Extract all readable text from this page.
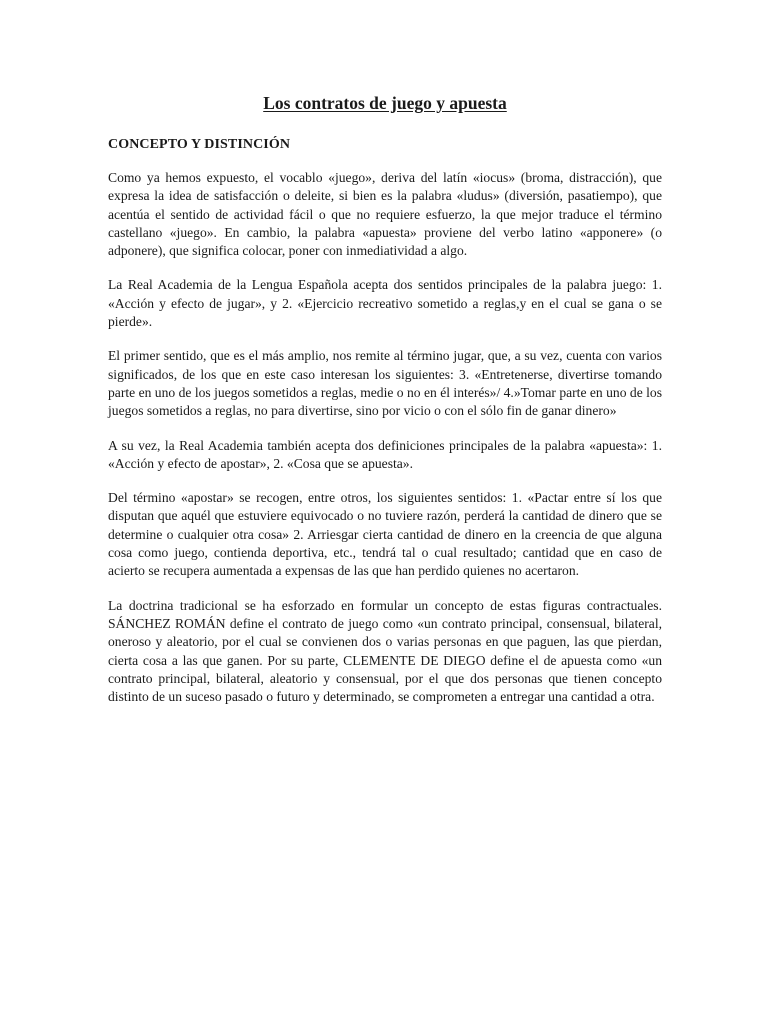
Los contratos de juego y apuesta
CONCEPTO Y DISTINCIÓN

Como ya hemos expuesto, el vocablo «juego», deriva del latín «iocus» (broma, distracción), que expresa la idea de satisfacción o deleite, si bien es la palabra «ludus» (diversión, pasatiempo), que acentúa el sentido de actividad fácil o que no requiere esfuerzo, la que mejor traduce el término castellano «juego». En cambio, la palabra «apuesta» proviene del verbo latino «apponere» (o adponere), que significa colocar, poner con inmediatividad a algo.

La Real Academia de la Lengua Española acepta dos sentidos principales de la palabra juego: 1. «Acción y efecto de jugar», y 2. «Ejercicio recreativo sometido a reglas,y en el cual se gana o se pierde».

El primer sentido, que es el más amplio, nos remite al término jugar, que, a su vez, cuenta con varios significados, de los que en este caso interesan los siguientes: 3. «Entretenerse, divertirse tomando parte en uno de los juegos sometidos a reglas, medie o no en él interés»/ 4.»Tomar parte en uno de los juegos sometidos a reglas, no para divertirse, sino por vicio o con el sólo fin de ganar dinero»

A su vez, la Real Academia también acepta dos definiciones principales de la palabra «apuesta»: 1. «Acción y efecto de apostar», 2. «Cosa que se apuesta».

Del término «apostar» se recogen, entre otros, los siguientes sentidos: 1. «Pactar entre sí los que disputan que aquél que estuviere equivocado o no tuviere razón, perderá la cantidad de dinero que se determine o cualquier otra cosa» 2. Arriesgar cierta cantidad de dinero en la creencia de que alguna cosa como juego, contienda deportiva, etc., tendrá tal o cual resultado; cantidad que en caso de acierto se recupera aumentada a expensas de las que han perdido quienes no acertaron.

La doctrina tradicional se ha esforzado en formular un concepto de estas figuras contractuales. SÁNCHEZ ROMÁN define el contrato de juego como «un contrato principal, consensual, bilateral, oneroso y aleatorio, por el cual se convienen dos o varias personas en que paguen, las que pierdan, cierta cosa a las que ganen. Por su parte, CLEMENTE DE DIEGO define el de apuesta como «un contrato principal, bilateral, aleatorio y consensual, por el que dos personas que tienen concepto distinto de un suceso pasado o futuro y determinado, se comprometen a entregar una cantidad a otra.
